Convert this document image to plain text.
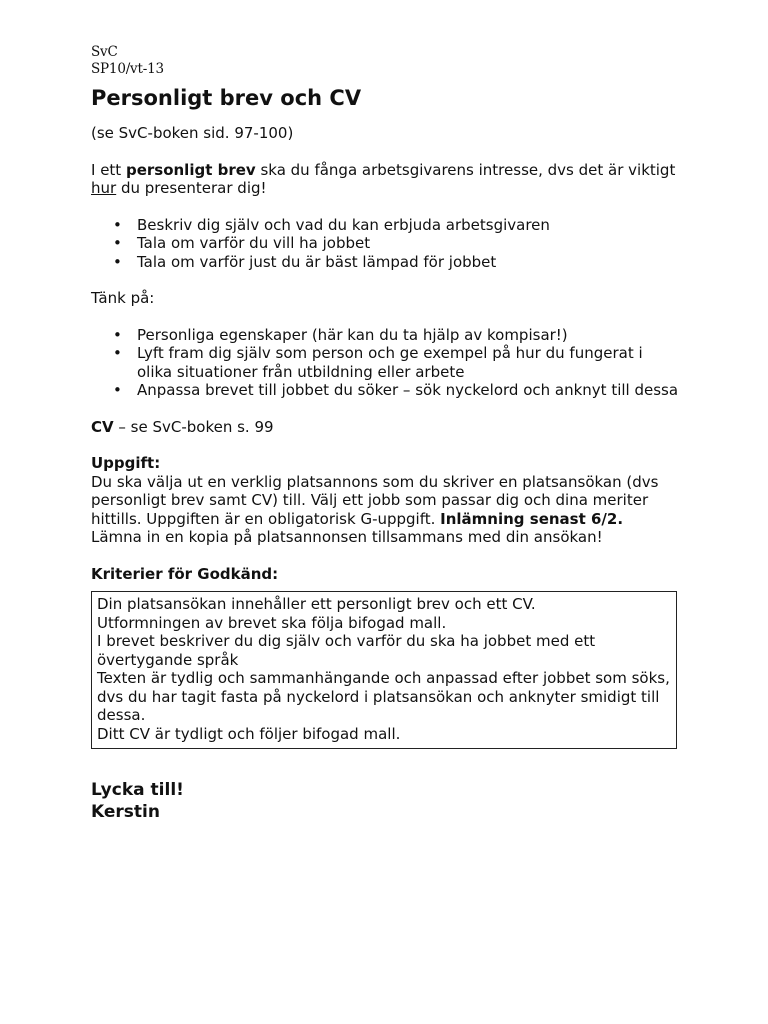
SvC
SP10/vt-13
Personligt brev och CV

(se SvC-boken sid. 97-100)

I ett personligt brev ska du fånga arbetsgivarens intresse, dvs det är viktigt hur du presenterar dig!

• Beskriv dig själv och vad du kan erbjuda arbetsgivaren
• Tala om varför du vill ha jobbet
• Tala om varför just du är bäst lämpad för jobbet

Tänk på:

• Personliga egenskaper (här kan du ta hjälp av kompisar!)
• Lyft fram dig själv som person och ge exempel på hur du fungerat i olika situationer från utbildning eller arbete
• Anpassa brevet till jobbet du söker – sök nyckelord och anknyt till dessa

CV – se SvC-boken s. 99

Uppgift:

Du ska välja ut en verklig platsannons som du skriver en platsansökan (dvs personligt brev samt CV) till. Välj ett jobb som passar dig och dina meriter hittills. Uppgiften är en obligatorisk G-uppgift. Inlämning senast 6/2.

Lämna in en kopia på platsannonsen tillsammans med din ansökan!

Kriterier för Godkänd:

Din platsansökan innehåller ett personligt brev och ett CV.

Utformningen av brevet ska följa bifogad mall.

I brevet beskriver du dig själv och varför du ska ha jobbet med ett övertygande språk

Texten är tydlig och sammanhängande och anpassad efter jobbet som söks, dvs du har tagit fasta på nyckelord i platsansökan och anknyter smidigt till dessa.

Ditt CV är tydligt och följer bifogad mall.

Lycka till!
Kerstin
